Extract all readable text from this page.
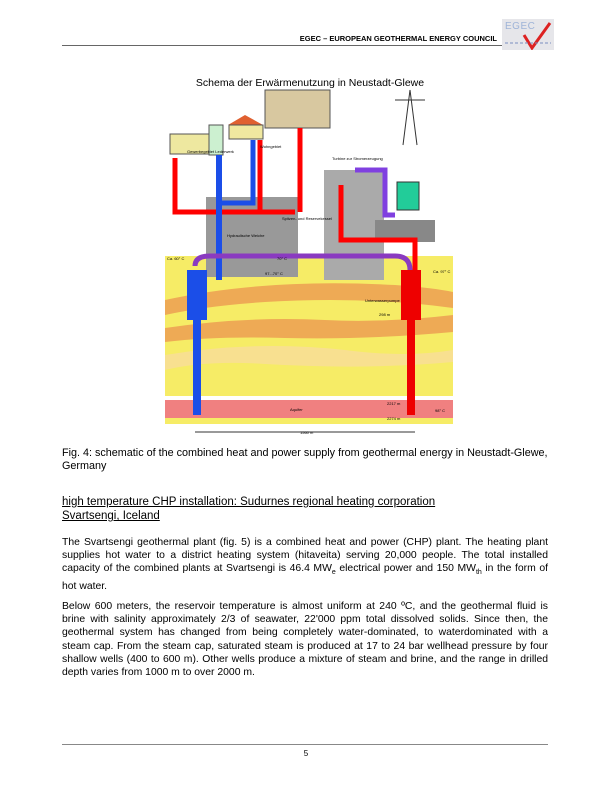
EGEC – EUROPEAN GEOTHERMAL ENERGY COUNCIL
EGEC
Schema der Erwärmenutzung in Neustadt-Glewe
Gewerbegebiet Lederwerk
Wohngebiet
Turbine zur Stromerzeugung
Spitzen- und Reservekessel
Hydraulische Weiche
Ca. 60° C	70° C
97...70° C	Ca. 97° C
Unterwasserpumpe
298 m
Aquifer
2217 m
2274 m
98° C
1560 m
Fig. 4: schematic of the combined heat and power supply from geothermal energy in Neustadt-Glewe, Germany
high temperature CHP installation: Sudurnes regional heating corporation
Svartsengi, Iceland
The Svartsengi geothermal plant (fig. 5) is a combined heat and power (CHP) plant. The heating plant supplies hot water to a district heating system (hitaveita) serving 20,000 people. The total installed capacity of the combined plants at Svartsengi is 46.4 $MW_e$ electrical power and 150 $MW_{th}$ in the form of hot water.
Below 600 meters, the reservoir temperature is almost uniform at 240 ºC, and the geothermal fluid is brine with salinity approximately 2/3 of seawater, 22'000 ppm total dissolved solids. Since then, the geothermal system has changed from being completely water-dominated, to waterdominated with a steam cap. From the steam cap, saturated steam is produced at 17 to 24 bar wellhead pressure by four shallow wells (400 to 600 m). Other wells produce a mixture of steam and brine, and the range in drilled depth varies from 1000 m to over 2000 m.
5
